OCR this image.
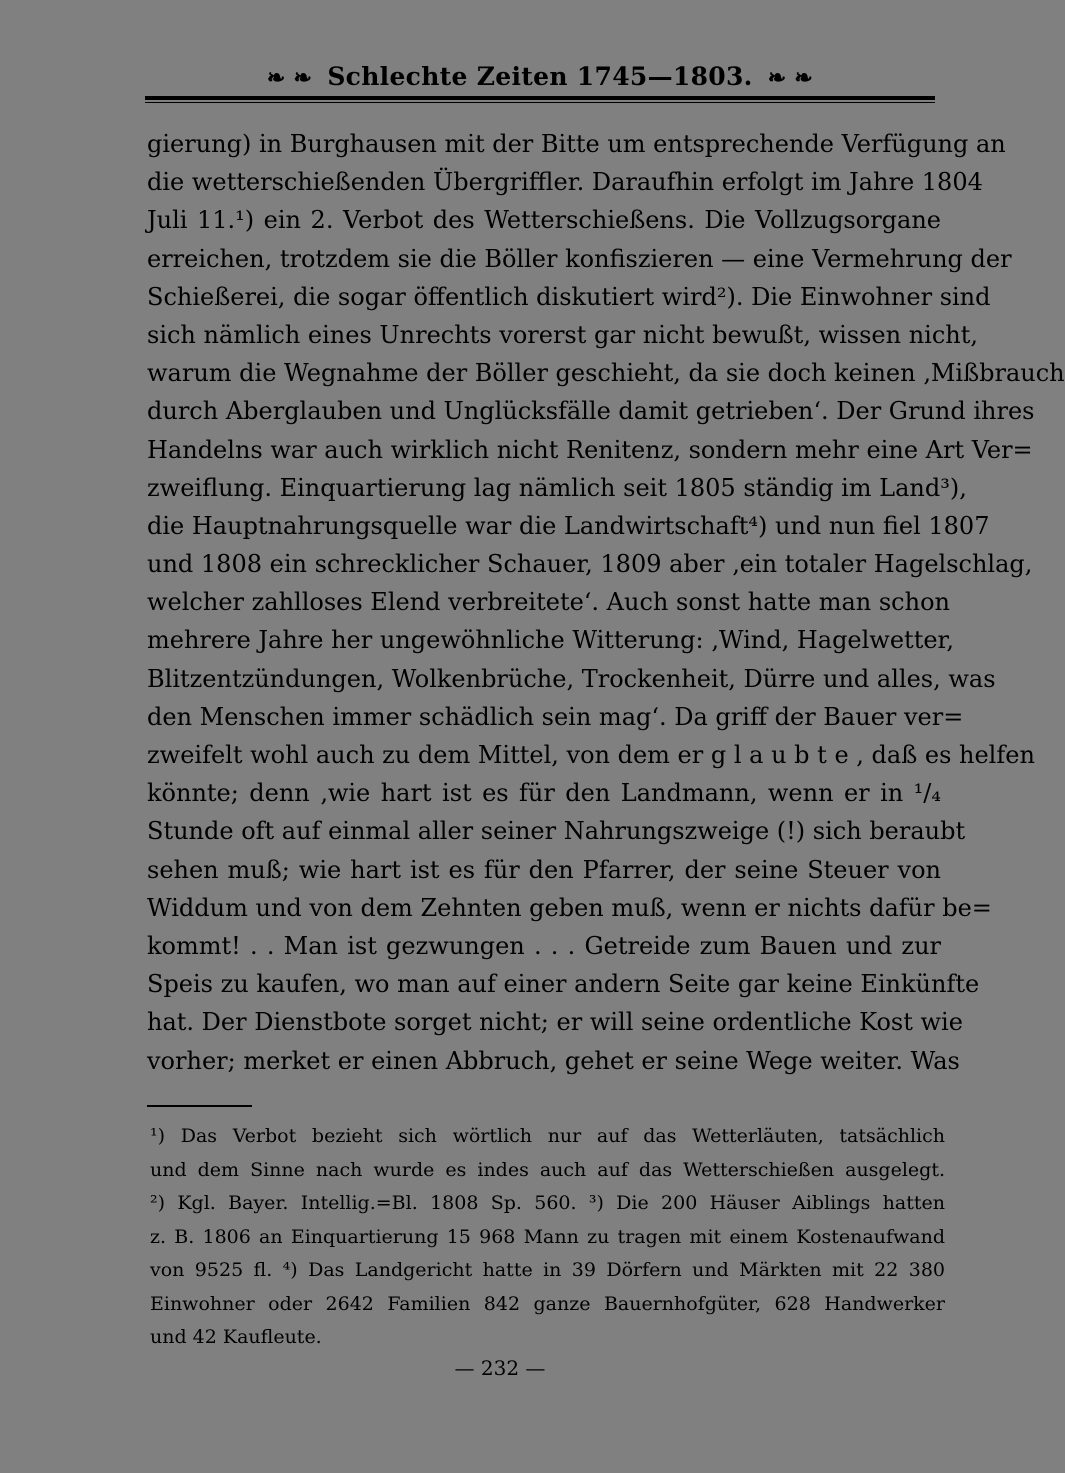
❧ ❧ Schlechte Zeiten 1745—1803. ❧ ❧
gierung) in Burghausen mit der Bitte um entsprechende Verfügung an
die wetterschießenden Übergriffler. Daraufhin erfolgt im Jahre 1804
Juli 11.¹) ein 2. Verbot des Wetterschießens. Die Vollzugsorgane
erreichen, trotzdem sie die Böller konfiszieren — eine Vermehrung der
Schießerei, die sogar öffentlich diskutiert wird²). Die Einwohner sind
sich nämlich eines Unrechts vorerst gar nicht bewußt, wissen nicht,
warum die Wegnahme der Böller geschieht, da sie doch keinen ‚Mißbrauch
durch Aberglauben und Unglücksfälle damit getrieben‘. Der Grund ihres
Handelns war auch wirklich nicht Renitenz, sondern mehr eine Art Ver=
zweiflung. Einquartierung lag nämlich seit 1805 ständig im Land³),
die Hauptnahrungsquelle war die Landwirtschaft⁴) und nun fiel 1807
und 1808 ein schrecklicher Schauer, 1809 aber ‚ein totaler Hagelschlag,
welcher zahlloses Elend verbreitete‘. Auch sonst hatte man schon
mehrere Jahre her ungewöhnliche Witterung: ‚Wind, Hagelwetter,
Blitzentzündungen, Wolkenbrüche, Trockenheit, Dürre und alles, was
den Menschen immer schädlich sein mag‘. Da griff der Bauer ver=
zweifelt wohl auch zu dem Mittel, von dem er g l a u b t e , daß es helfen
könnte; denn ‚wie hart ist es für den Landmann, wenn er in ¹/₄
Stunde oft auf einmal aller seiner Nahrungszweige (!) sich beraubt
sehen muß; wie hart ist es für den Pfarrer, der seine Steuer von
Widdum und von dem Zehnten geben muß, wenn er nichts dafür be=
kommt! . . Man ist gezwungen . . . Getreide zum Bauen und zur
Speis zu kaufen, wo man auf einer andern Seite gar keine Einkünfte
hat. Der Dienstbote sorget nicht; er will seine ordentliche Kost wie
vorher; merket er einen Abbruch, gehet er seine Wege weiter. Was
¹) Das Verbot bezieht sich wörtlich nur auf das Wetterläuten, tatsächlich
und dem Sinne nach wurde es indes auch auf das Wetterschießen ausgelegt.
²) Kgl. Bayer. Intellig.=Bl. 1808 Sp. 560. ³) Die 200 Häuser Aiblings hatten
z. B. 1806 an Einquartierung 15 968 Mann zu tragen mit einem Kostenaufwand
von 9525 fl. ⁴) Das Landgericht hatte in 39 Dörfern und Märkten mit 22 380
Einwohner oder 2642 Familien 842 ganze Bauernhofgüter, 628 Handwerker
und 42 Kaufleute.
— 232 —
